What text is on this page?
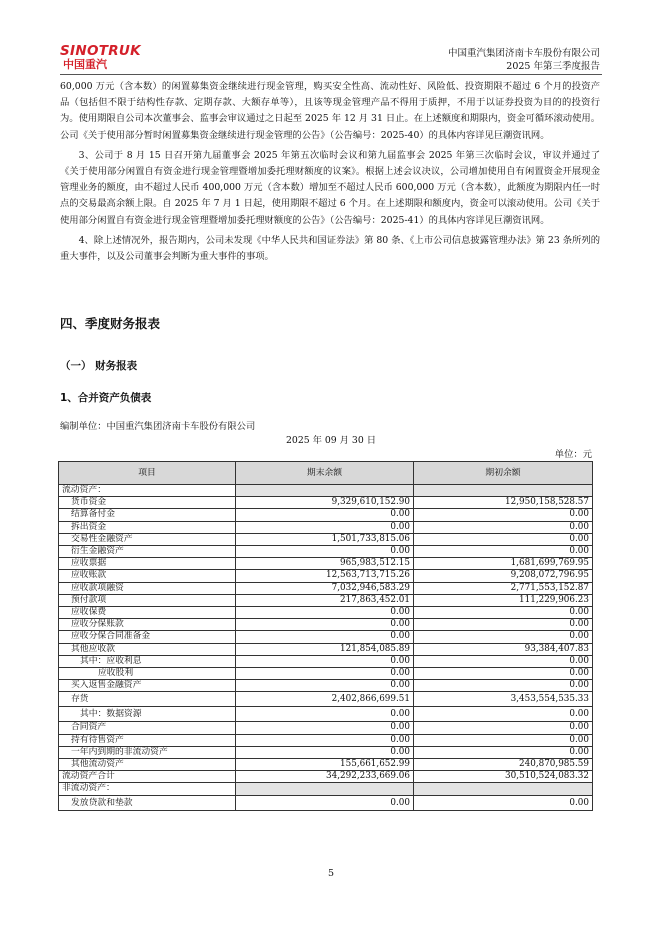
SINOTRUK
中国重汽
中国重汽集团济南卡车股份有限公司
2025 年第三季度报告

60,000 万元（含本数）的闲置募集资金继续进行现金管理，购买安全性高、流动性好、风险低、投资期限不超过 6 个月的投资产品（包括但不限于结构性存款、定期存款、大额存单等），且该等现金管理产品不得用于质押，不用于以证券投资为目的的投资行为。使用期限自公司本次董事会、监事会审议通过之日起至 2025 年 12 月 31 日止。在上述额度和期限内，资金可循环滚动使用。公司《关于使用部分暂时闲置募集资金继续进行现金管理的公告》（公告编号：2025-40）的具体内容详见巨潮资讯网。

3、公司于 8 月 15 日召开第九届董事会 2025 年第五次临时会议和第九届监事会 2025 年第三次临时会议，审议并通过了《关于使用部分闲置自有资金进行现金管理暨增加委托理财额度的议案》。根据上述会议决议，公司增加使用自有闲置资金开展现金管理业务的额度，由不超过人民币 400,000 万元（含本数）增加至不超过人民币 600,000 万元（含本数），此额度为期限内任一时点的交易最高余额上限。自 2025 年 7 月 1 日起，使用期限不超过 6 个月。在上述期限和额度内，资金可以滚动使用。公司《关于使用部分闲置自有资金进行现金管理暨增加委托理财额度的公告》（公告编号：2025-41）的具体内容详见巨潮资讯网。

4、除上述情况外，报告期内，公司未发现《中华人民共和国证券法》第 80 条、《上市公司信息披露管理办法》第 23 条所列的重大事件，以及公司董事会判断为重大事件的事项。

四、季度财务报表
（一） 财务报表
1、合并资产负债表
编制单位：中国重汽集团济南卡车股份有限公司
2025 年 09 月 30 日
单位：元
项目	期末余额	期初余额
流动资产：		
货币资金	9,329,610,152.90	12,950,158,528.57
结算备付金	0.00	0.00
拆出资金	0.00	0.00
交易性金融资产	1,501,733,815.06	0.00
衍生金融资产	0.00	0.00
应收票据	965,983,512.15	1,681,699,769.95
应收账款	12,563,713,715.26	9,208,072,796.95
应收款项融资	7,032,946,583.29	2,771,553,152.87
预付款项	217,863,452.01	111,229,906.23
应收保费	0.00	0.00
应收分保账款	0.00	0.00
应收分保合同准备金	0.00	0.00
其他应收款	121,854,085.89	93,384,407.83
其中：应收利息	0.00	0.00
应收股利	0.00	0.00
买入返售金融资产	0.00	0.00
存货	2,402,866,699.51	3,453,554,535.33
其中：数据资源	0.00	0.00
合同资产	0.00	0.00
持有待售资产	0.00	0.00
一年内到期的非流动资产	0.00	0.00
其他流动资产	155,661,652.99	240,870,985.59
流动资产合计	34,292,233,669.06	30,510,524,083.32
非流动资产：		
发放贷款和垫款	0.00	0.00
5
